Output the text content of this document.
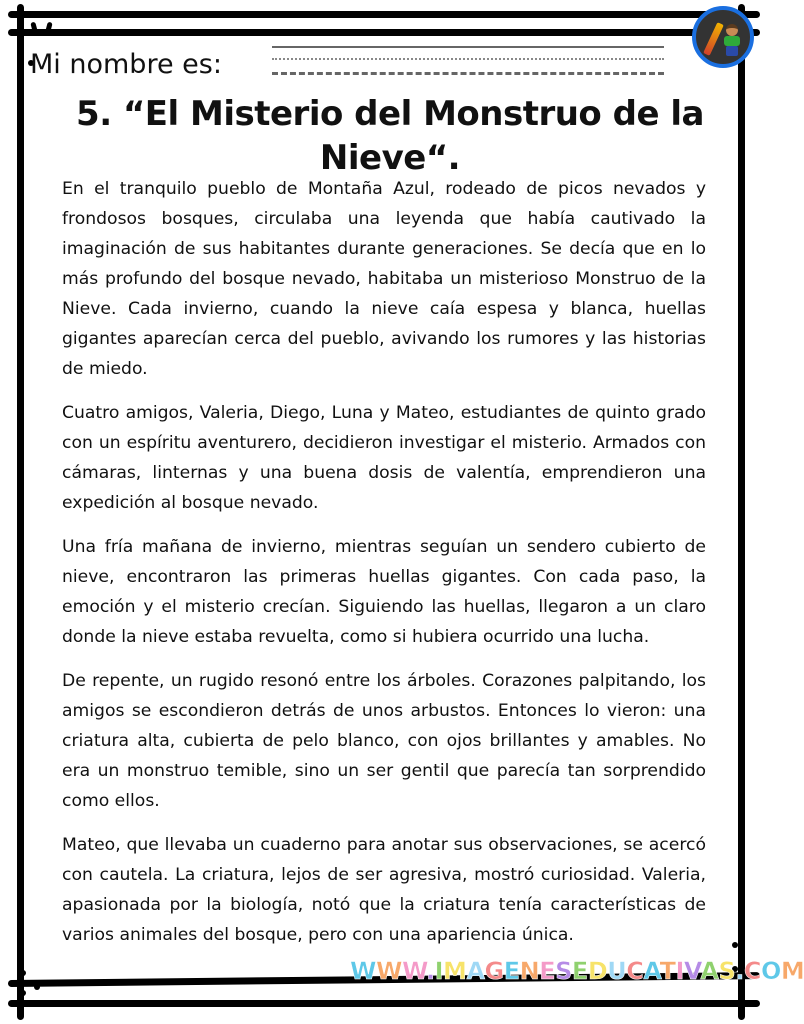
Mi nombre es:
5. “El Misterio del Monstruo de la Nieve“.

En el tranquilo pueblo de Montaña Azul, rodeado de picos nevados y frondosos bosques, circulaba una leyenda que había cautivado la imaginación de sus habitantes durante generaciones. Se decía que en lo más profundo del bosque nevado, habitaba un misterioso Monstruo de la Nieve. Cada invierno, cuando la nieve caía espesa y blanca, huellas gigantes aparecían cerca del pueblo, avivando los rumores y las historias de miedo.

Cuatro amigos, Valeria, Diego, Luna y Mateo, estudiantes de quinto grado con un espíritu aventurero, decidieron investigar el misterio. Armados con cámaras, linternas y una buena dosis de valentía, emprendieron una expedición al bosque nevado.

Una fría mañana de invierno, mientras seguían un sendero cubierto de nieve, encontraron las primeras huellas gigantes. Con cada paso, la emoción y el misterio crecían. Siguiendo las huellas, llegaron a un claro donde la nieve estaba revuelta, como si hubiera ocurrido una lucha.

De repente, un rugido resonó entre los árboles. Corazones palpitando, los amigos se escondieron detrás de unos arbustos. Entonces lo vieron: una criatura alta, cubierta de pelo blanco, con ojos brillantes y amables. No era un monstruo temible, sino un ser gentil que parecía tan sorprendido como ellos.

Mateo, que llevaba un cuaderno para anotar sus observaciones, se acercó con cautela. La criatura, lejos de ser agresiva, mostró curiosidad. Valeria, apasionada por la biología, notó que la criatura tenía características de varios animales del bosque, pero con una apariencia única.

WWW.IMAGENESEDUCATIVAS.COM
